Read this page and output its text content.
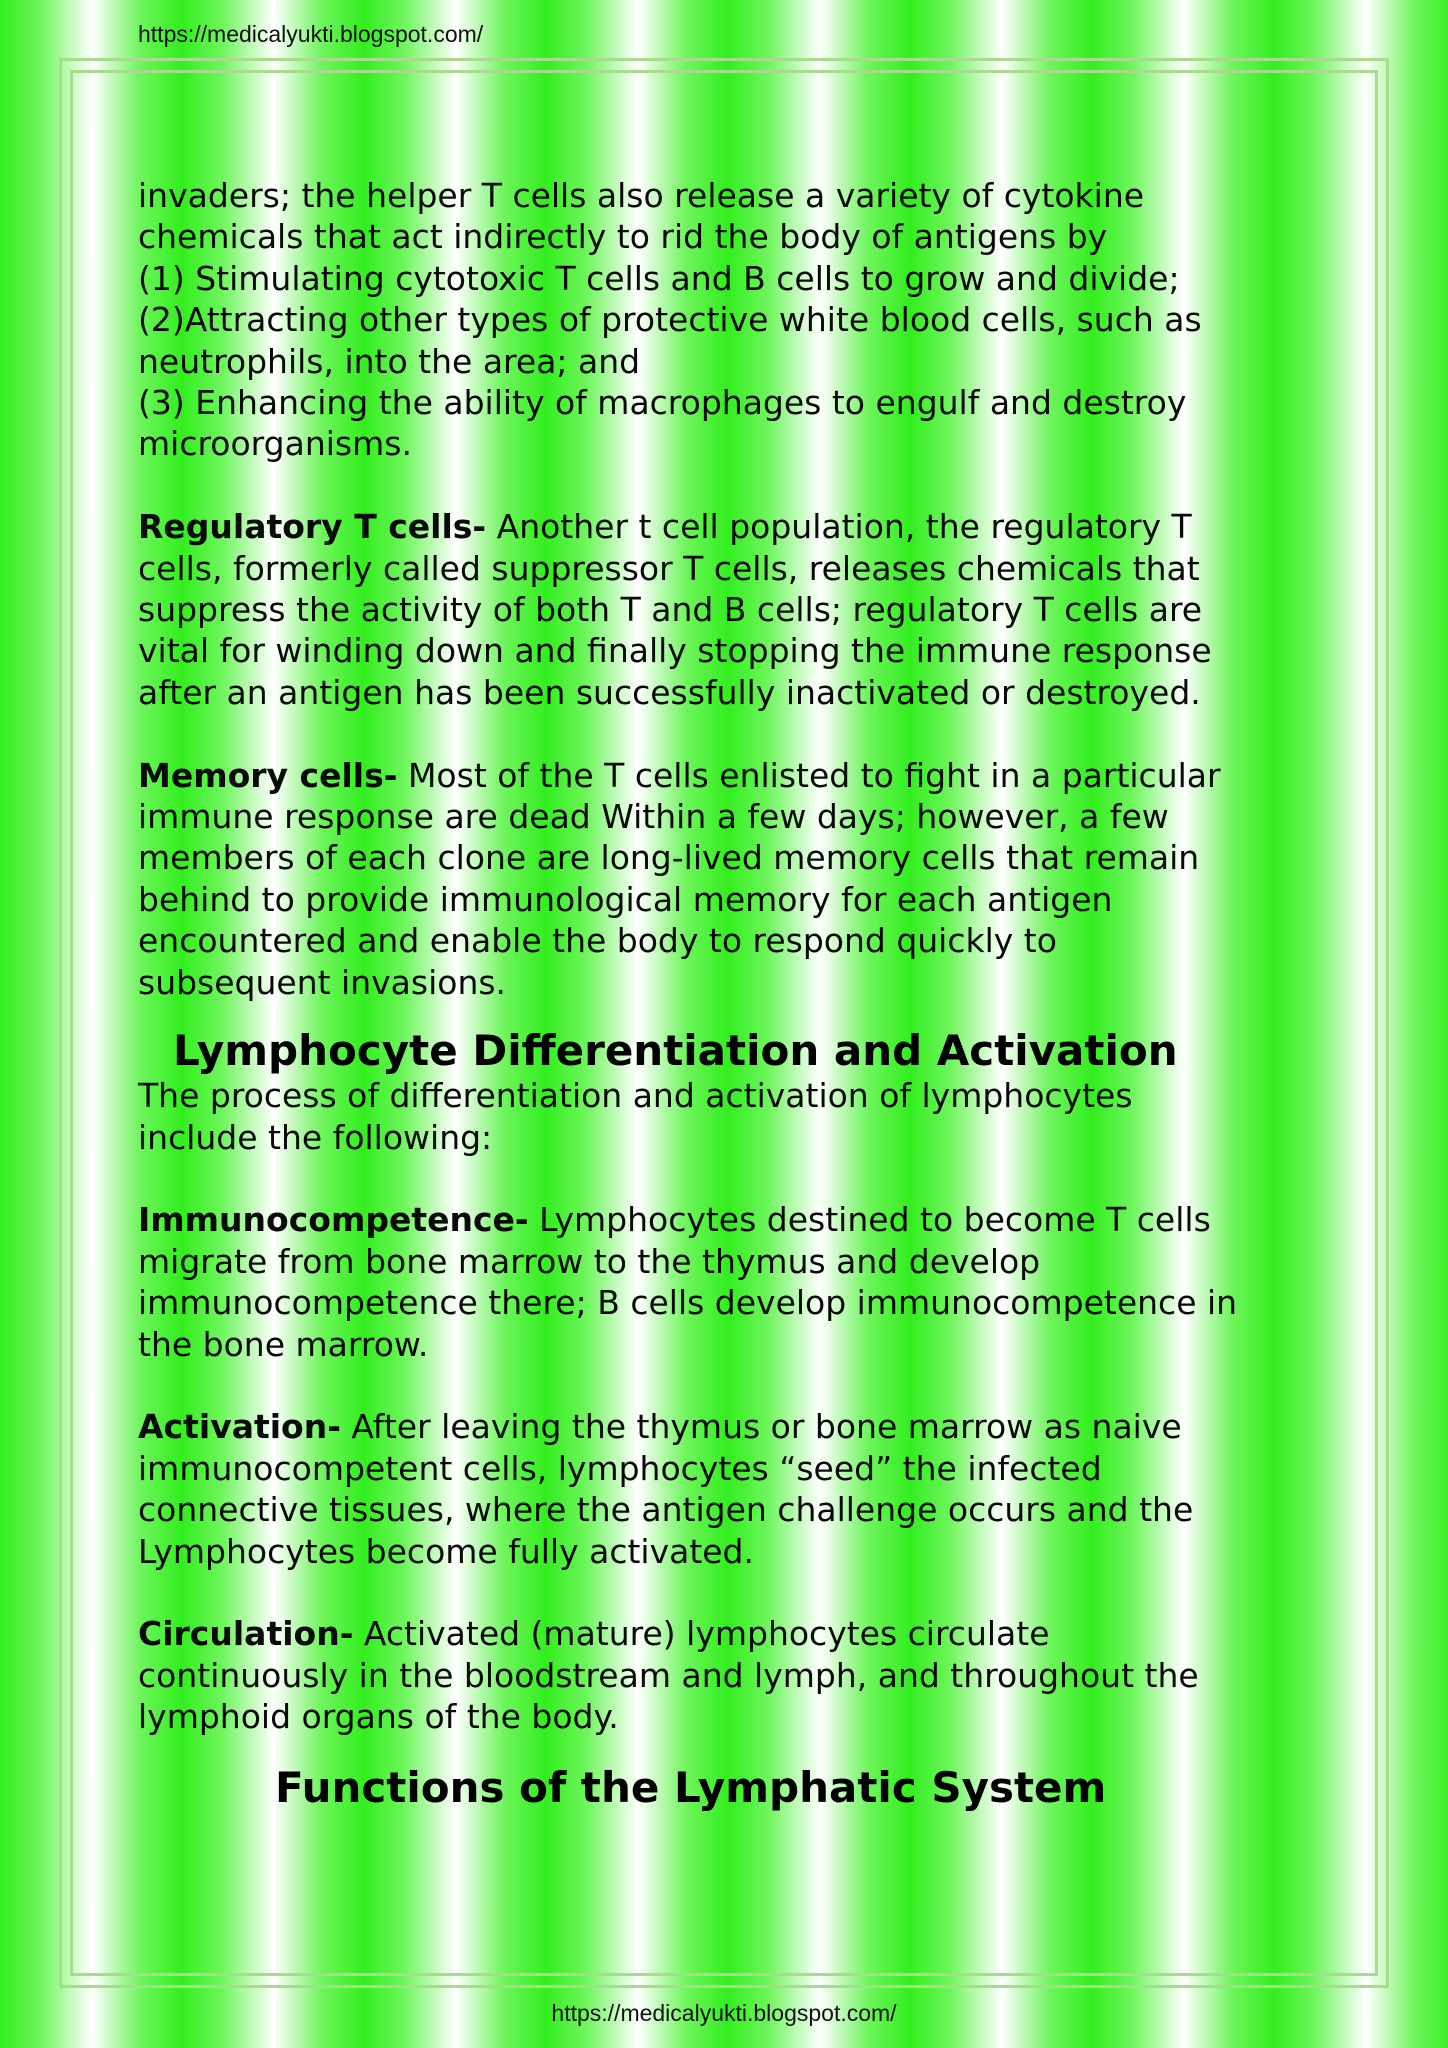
https://medicalyukti.blogspot.com/

invaders; the helper T cells also release a variety of cytokine
chemicals that act indirectly to rid the body of antigens by
(1) Stimulating cytotoxic T cells and B cells to grow and divide;
(2)Attracting other types of protective white blood cells, such as
neutrophils, into the area; and
(3) Enhancing the ability of macrophages to engulf and destroy
microorganisms.

Regulatory T cells- Another t cell population, the regulatory T
cells, formerly called suppressor T cells, releases chemicals that
suppress the activity of both T and B cells; regulatory T cells are
vital for winding down and finally stopping the immune response
after an antigen has been successfully inactivated or destroyed.

Memory cells- Most of the T cells enlisted to fight in a particular
immune response are dead Within a few days; however, a few
members of each clone are long-lived memory cells that remain
behind to provide immunological memory for each antigen
encountered and enable the body to respond quickly to
subsequent invasions.

Lymphocyte Differentiation and Activation

The process of differentiation and activation of lymphocytes
include the following:

Immunocompetence- Lymphocytes destined to become T cells
migrate from bone marrow to the thymus and develop
immunocompetence there; B cells develop immunocompetence in
the bone marrow.

Activation- After leaving the thymus or bone marrow as naive
immunocompetent cells, lymphocytes “seed” the infected
connective tissues, where the antigen challenge occurs and the
Lymphocytes become fully activated.

Circulation- Activated (mature) lymphocytes circulate
continuously in the bloodstream and lymph, and throughout the
lymphoid organs of the body.

Functions of the Lymphatic System
https://medicalyukti.blogspot.com/
